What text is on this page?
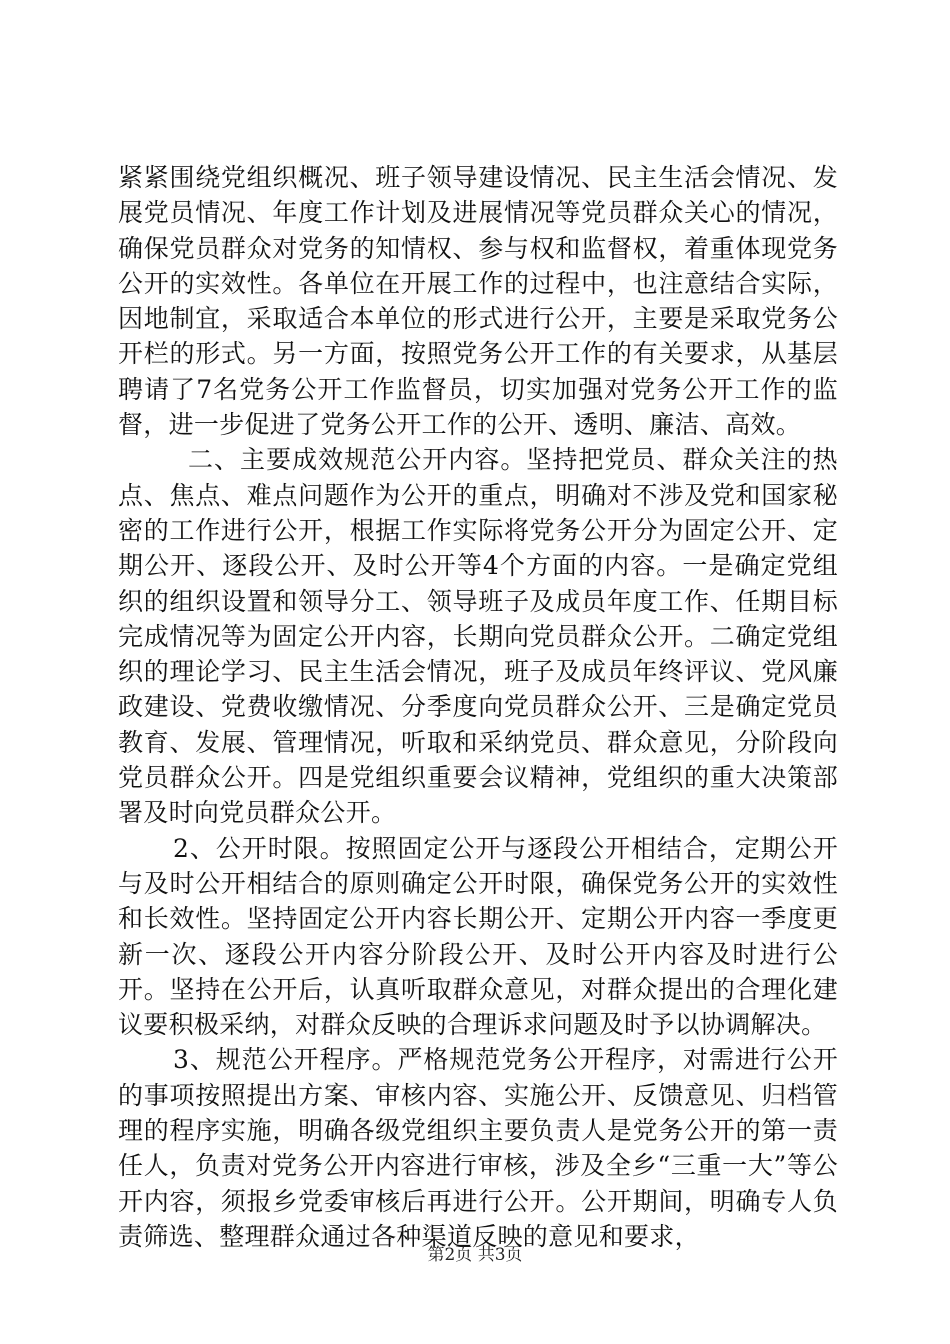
紧紧围绕党组织概况、班子领导建设情况、民主生活会情况、发展党员情况、年度工作计划及进展情况等党员群众关心的情况，确保党员群众对党务的知情权、参与权和监督权，着重体现党务公开的实效性。各单位在开展工作的过程中，也注意结合实际，因地制宜，采取适合本单位的形式进行公开，主要是采取党务公开栏的形式。另一方面，按照党务公开工作的有关要求，从基层聘请了7名党务公开工作监督员，切实加强对党务公开工作的监督，进一步促进了党务公开工作的公开、透明、廉洁、高效。

二、主要成效规范公开内容。坚持把党员、群众关注的热点、焦点、难点问题作为公开的重点，明确对不涉及党和国家秘密的工作进行公开，根据工作实际将党务公开分为固定公开、定期公开、逐段公开、及时公开等4个方面的内容。一是确定党组织的组织设置和领导分工、领导班子及成员年度工作、任期目标完成情况等为固定公开内容，长期向党员群众公开。二确定党组织的理论学习、民主生活会情况，班子及成员年终评议、党风廉政建设、党费收缴情况、分季度向党员群众公开、三是确定党员教育、发展、管理情况，听取和采纳党员、群众意见，分阶段向党员群众公开。四是党组织重要会议精神，党组织的重大决策部署及时向党员群众公开。

2、公开时限。按照固定公开与逐段公开相结合，定期公开与及时公开相结合的原则确定公开时限，确保党务公开的实效性和长效性。坚持固定公开内容长期公开、定期公开内容一季度更新一次、逐段公开内容分阶段公开、及时公开内容及时进行公开。坚持在公开后，认真听取群众意见，对群众提出的合理化建议要积极采纳，对群众反映的合理诉求问题及时予以协调解决。

3、规范公开程序。严格规范党务公开程序，对需进行公开的事项按照提出方案、审核内容、实施公开、反馈意见、归档管理的程序实施，明确各级党组织主要负责人是党务公开的第一责任人，负责对党务公开内容进行审核，涉及全乡“三重一大”等公开内容，须报乡党委审核后再进行公开。公开期间，明确专人负责筛选、整理群众通过各种渠道反映的意见和要求，

第2页 共3页
